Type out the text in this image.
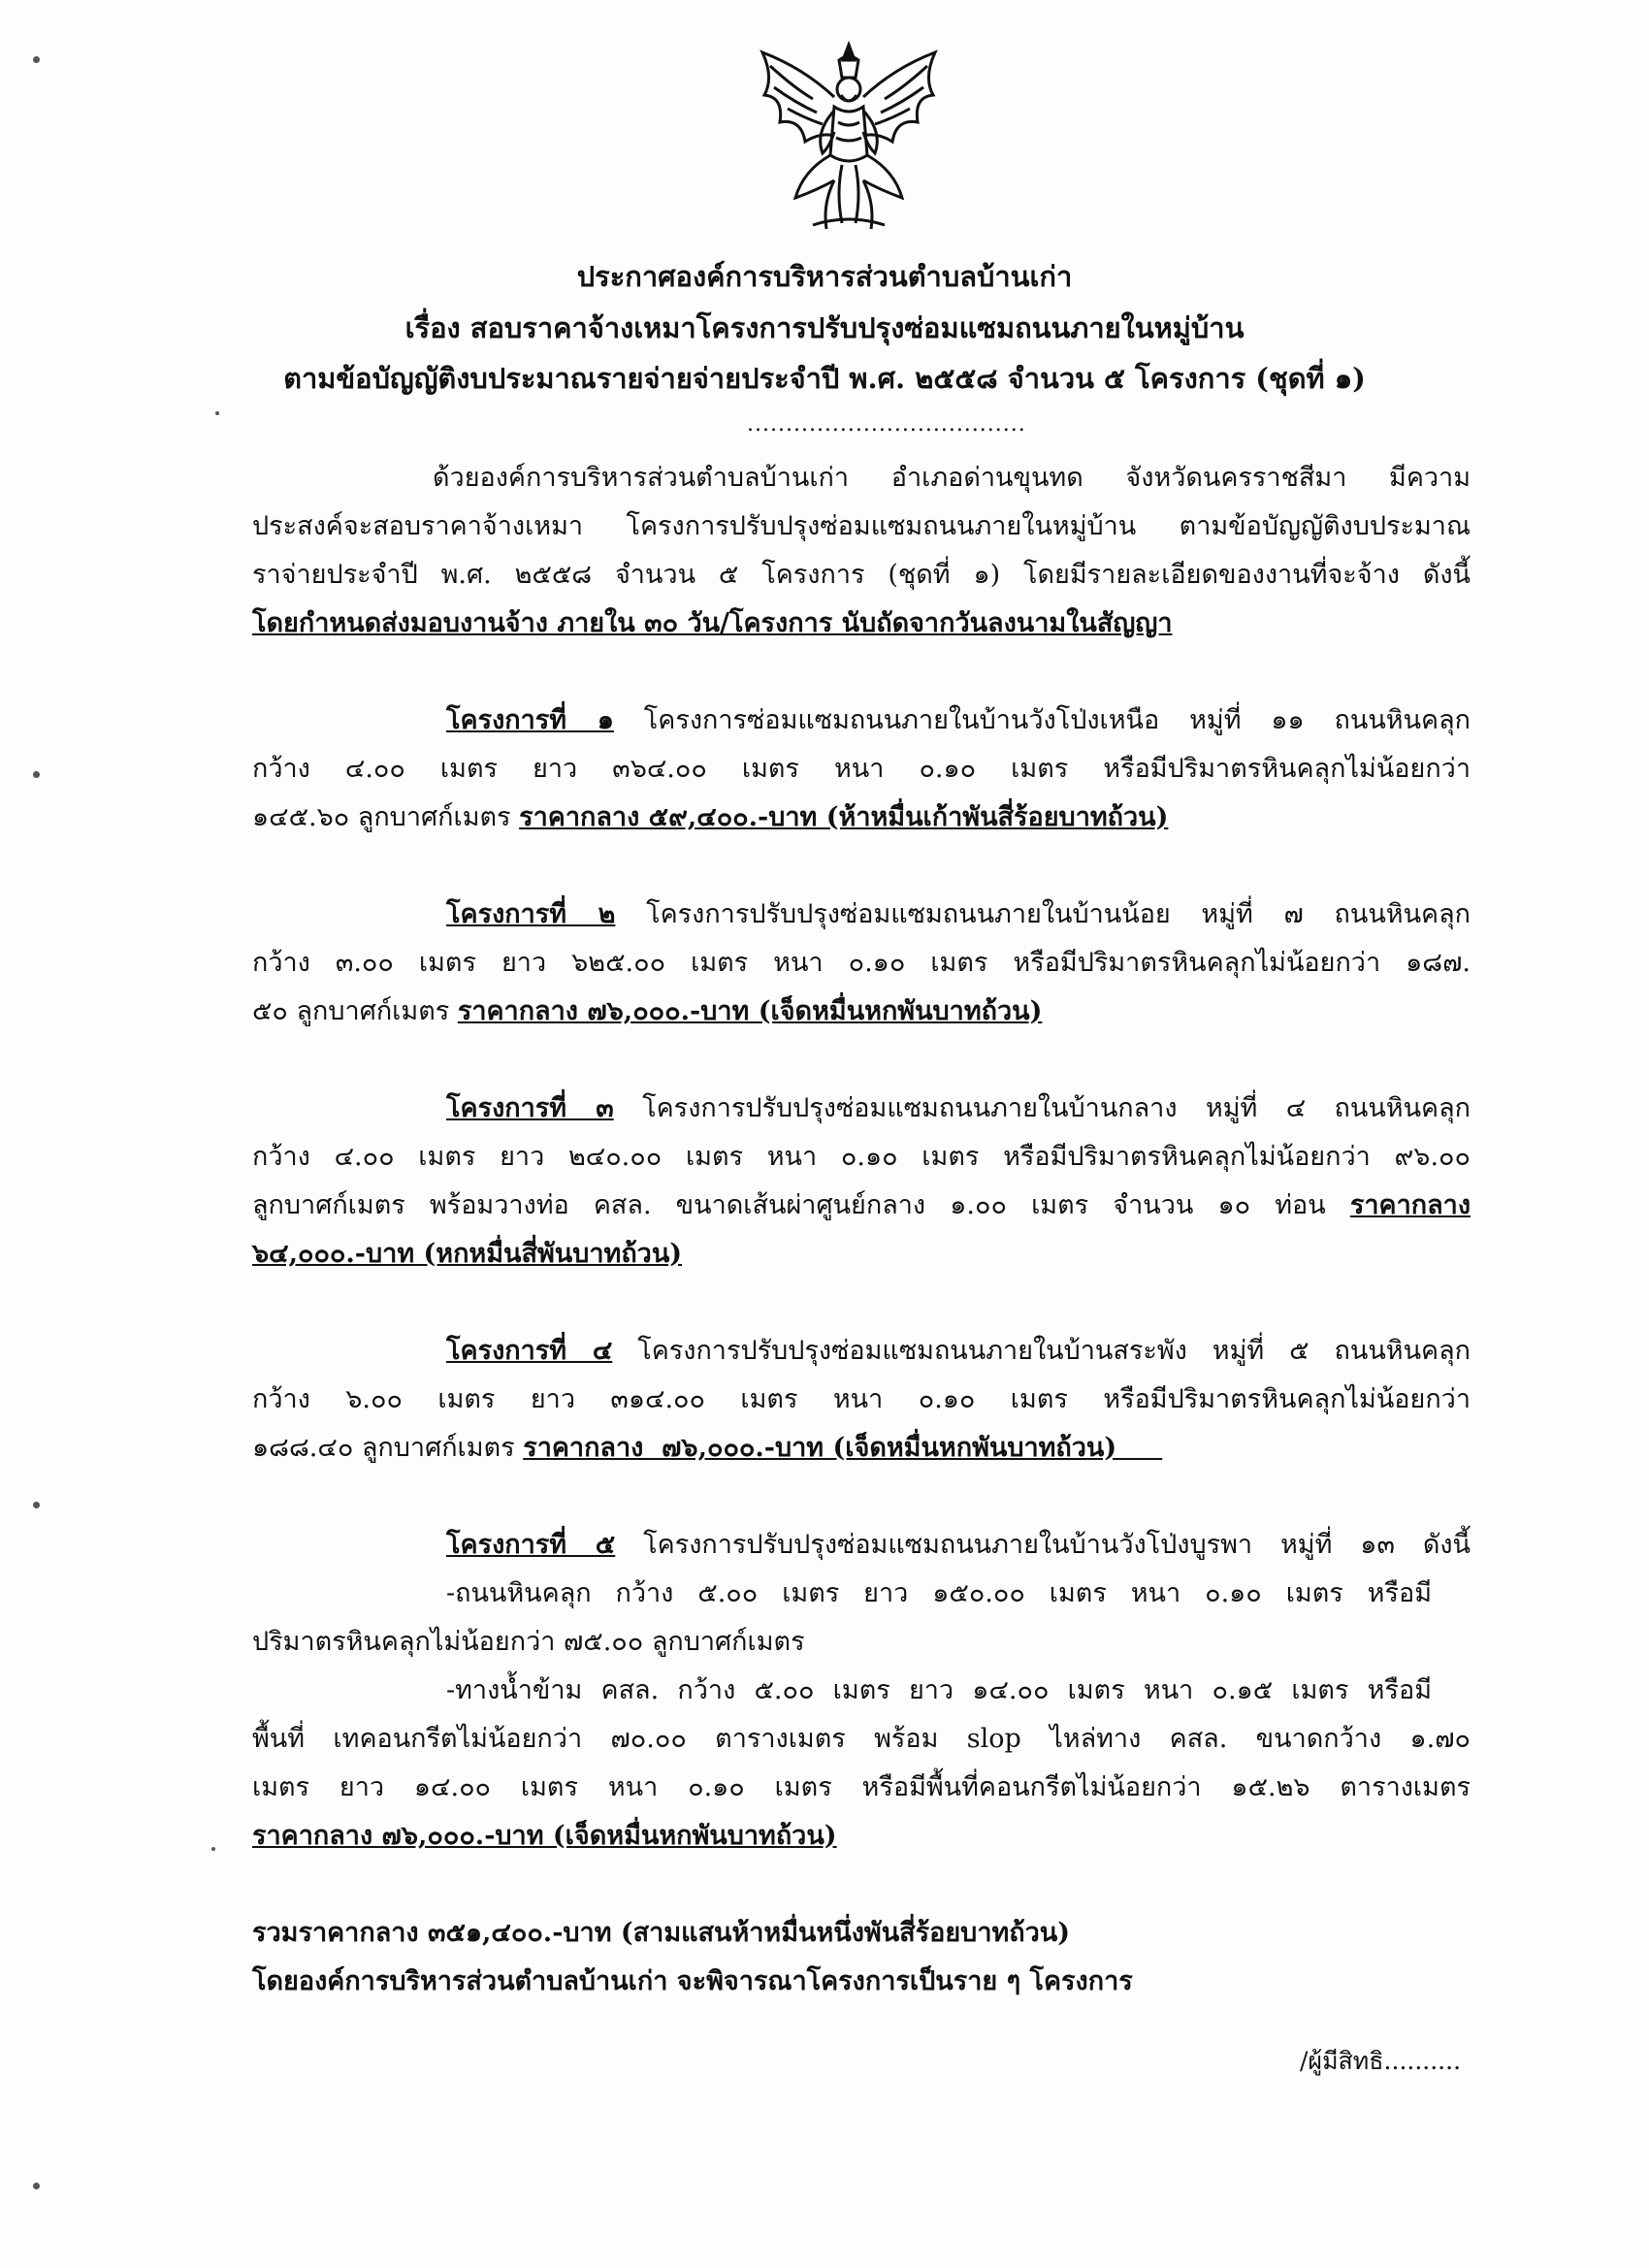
ประกาศองค์การบริหารส่วนตำบลบ้านเก่า
เรื่อง สอบราคาจ้างเหมาโครงการปรับปรุงซ่อมแซมถนนภายในหมู่บ้าน
ตามข้อบัญญัติงบประมาณรายจ่ายจ่ายประจำปี พ.ศ. ๒๕๕๘ จำนวน ๕ โครงการ (ชุดที่ ๑)
....................................
ด้วยองค์การบริหารส่วนตำบลบ้านเก่า อำเภอด่านขุนทด จังหวัดนครราชสีมา มีความ
ประสงค์จะสอบราคาจ้างเหมา โครงการปรับปรุงซ่อมแซมถนนภายในหมู่บ้าน ตามข้อบัญญัติงบประมาณ
ราจ่ายประจำปี พ.ศ. ๒๕๕๘ จำนวน ๕ โครงการ (ชุดที่ ๑) โดยมีรายละเอียดของงานที่จะจ้าง ดังนี้
โดยกำหนดส่งมอบงานจ้าง ภายใน ๓๐ วัน/โครงการ นับถัดจากวันลงนามในสัญญา
โครงการที่ ๑ โครงการซ่อมแซมถนนภายในบ้านวังโป่งเหนือ หมู่ที่ ๑๑ ถนนหินคลุก
กว้าง ๔.๐๐ เมตร ยาว ๓๖๔.๐๐ เมตร หนา ๐.๑๐ เมตร หรือมีปริมาตรหินคลุกไม่น้อยกว่า
๑๔๕.๖๐ ลูกบาศก์เมตร ราคากลาง ๕๙,๔๐๐.-บาท (ห้าหมื่นเก้าพันสี่ร้อยบาทถ้วน)
โครงการที่ ๒ โครงการปรับปรุงซ่อมแซมถนนภายในบ้านน้อย หมู่ที่ ๗ ถนนหินคลุก
กว้าง ๓.๐๐ เมตร ยาว ๖๒๕.๐๐ เมตร หนา ๐.๑๐ เมตร หรือมีปริมาตรหินคลุกไม่น้อยกว่า ๑๘๗.
๕๐ ลูกบาศก์เมตร ราคากลาง ๗๖,๐๐๐.-บาท (เจ็ดหมื่นหกพันบาทถ้วน)
โครงการที่ ๓ โครงการปรับปรุงซ่อมแซมถนนภายในบ้านกลาง หมู่ที่ ๔ ถนนหินคลุก
กว้าง ๔.๐๐ เมตร ยาว ๒๔๐.๐๐ เมตร หนา ๐.๑๐ เมตร หรือมีปริมาตรหินคลุกไม่น้อยกว่า ๙๖.๐๐
ลูกบาศก์เมตร พร้อมวางท่อ คสล. ขนาดเส้นผ่าศูนย์กลาง ๑.๐๐ เมตร จำนวน ๑๐ ท่อน ราคากลาง
๖๔,๐๐๐.-บาท (หกหมื่นสี่พันบาทถ้วน)
โครงการที่ ๔ โครงการปรับปรุงซ่อมแซมถนนภายในบ้านสระพัง หมู่ที่ ๕ ถนนหินคลุก
กว้าง ๖.๐๐ เมตร ยาว ๓๑๔.๐๐ เมตร หนา ๐.๑๐ เมตร หรือมีปริมาตรหินคลุกไม่น้อยกว่า
๑๘๘.๔๐ ลูกบาศก์เมตร ราคากลาง  ๗๖,๐๐๐.-บาท (เจ็ดหมื่นหกพันบาทถ้วน)
โครงการที่ ๕ โครงการปรับปรุงซ่อมแซมถนนภายในบ้านวังโป่งบูรพา หมู่ที่ ๑๓ ดังนี้
-ถนนหินคลุก กว้าง ๕.๐๐ เมตร ยาว ๑๕๐.๐๐ เมตร หนา ๐.๑๐ เมตร หรือมี
ปริมาตรหินคลุกไม่น้อยกว่า ๗๕.๐๐ ลูกบาศก์เมตร
-ทางน้ำข้าม คสล. กว้าง ๕.๐๐ เมตร ยาว ๑๔.๐๐ เมตร หนา ๐.๑๕ เมตร หรือมี
พื้นที่ เทคอนกรีตไม่น้อยกว่า ๗๐.๐๐ ตารางเมตร พร้อม slop ไหล่ทาง คสล. ขนาดกว้าง ๑.๗๐
เมตร ยาว ๑๔.๐๐ เมตร หนา ๐.๑๐ เมตร หรือมีพื้นที่คอนกรีตไม่น้อยกว่า ๑๕.๒๖ ตารางเมตร
ราคากลาง ๗๖,๐๐๐.-บาท (เจ็ดหมื่นหกพันบาทถ้วน)
รวมราคากลาง ๓๕๑,๔๐๐.-บาท (สามแสนห้าหมื่นหนึ่งพันสี่ร้อยบาทถ้วน)
โดยองค์การบริหารส่วนตำบลบ้านเก่า จะพิจารณาโครงการเป็นราย ๆ โครงการ
/ผู้มีสิทธิ..........
